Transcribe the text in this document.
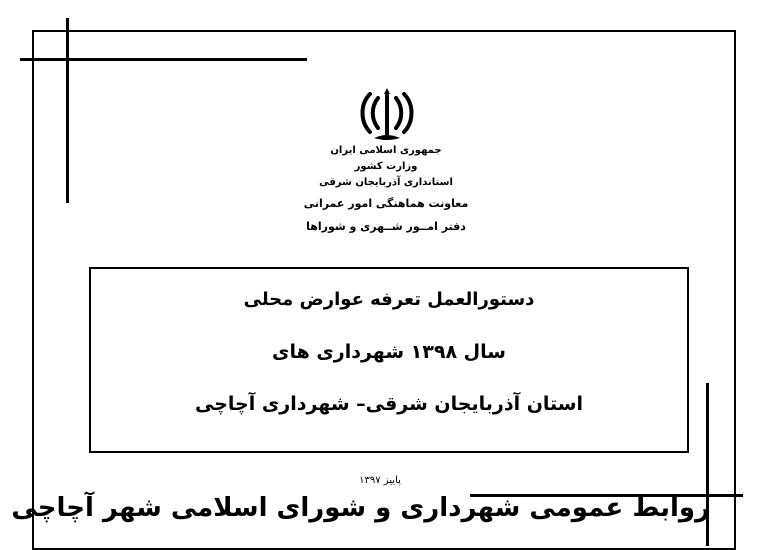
جمهوری اسلامی ایران
وزارت کشور
استانداری آذربایجان شرقی
معاونت هماهنگی امور عمرانی
دفتر امــور شــهری و شوراها
دستورالعمل تعرفه عوارض محلی
سال ۱۳۹۸ شهرداری های
استان آذربایجان شرقی– شهرداری آچاچی
پاییز ۱۳۹۷
روابط عمومی شهرداری و شورای اسلامی شهر آچاچی
